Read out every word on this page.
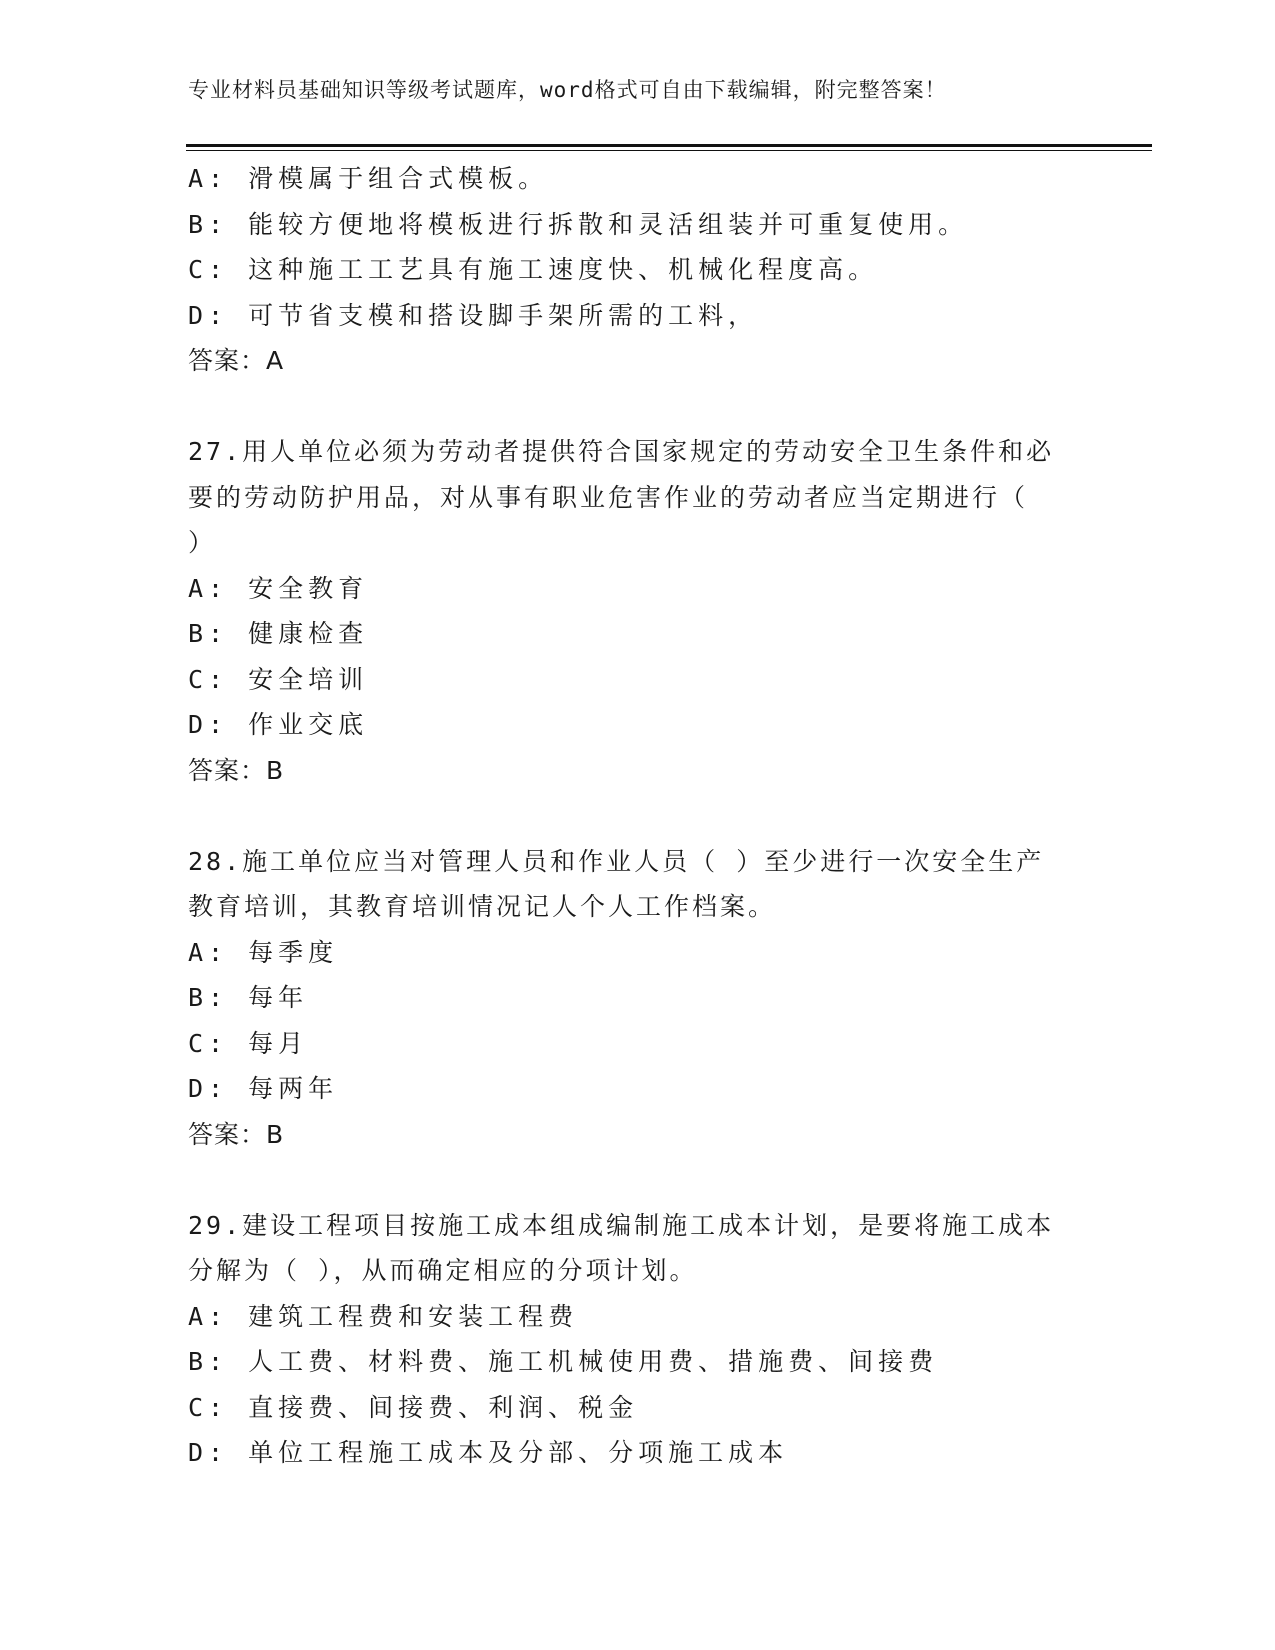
专业材料员基础知识等级考试题库，word格式可自由下载编辑，附完整答案！
A: 滑模属于组合式模板。
B: 能较方便地将模板进行拆散和灵活组装并可重复使用。
C: 这种施工工艺具有施工速度快、机械化程度高。
D: 可节省支模和搭设脚手架所需的工料，
答案：A
27.用人单位必须为劳动者提供符合国家规定的劳动安全卫生条件和必
要的劳动防护用品，对从事有职业危害作业的劳动者应当定期进行（
）
A: 安全教育
B: 健康检查
C: 安全培训
D: 作业交底
答案：B
28.施工单位应当对管理人员和作业人员（ ）至少进行一次安全生产
教育培训，其教育培训情况记人个人工作档案。
A: 每季度
B: 每年
C: 每月
D: 每两年
答案：B
29.建设工程项目按施工成本组成编制施工成本计划，是要将施工成本
分解为（ ），从而确定相应的分项计划。
A: 建筑工程费和安装工程费
B: 人工费、材料费、施工机械使用费、措施费、间接费
C: 直接费、间接费、利润、税金
D: 单位工程施工成本及分部、分项施工成本
